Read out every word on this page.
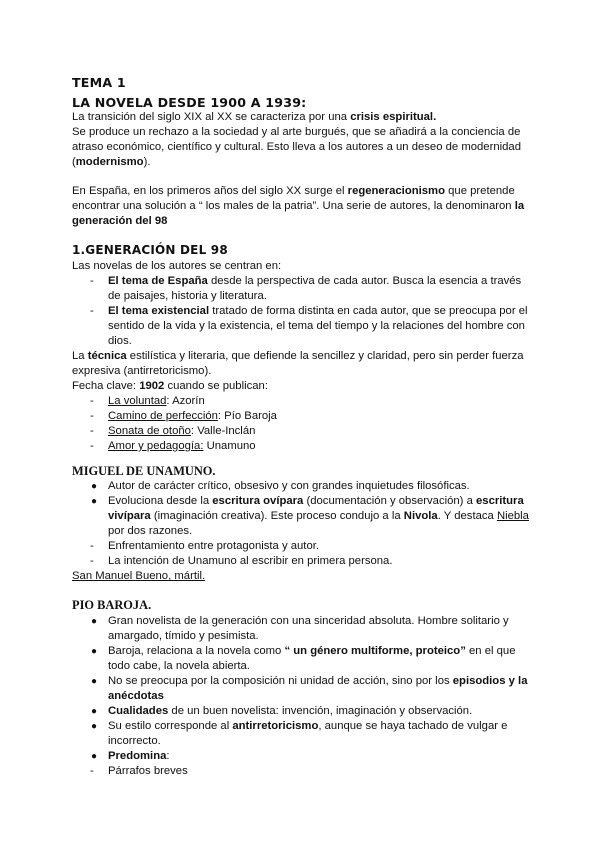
TEMA 1
LA NOVELA DESDE 1900 A 1939:
La transición del siglo XIX al XX se caracteriza por una crisis espiritual.
Se produce un rechazo a la sociedad y al arte burgués, que se añadirá a la conciencia de
atraso económico, científico y cultural. Esto lleva a los autores a un deseo de modernidad
(modernismo).
En España, en los primeros años del siglo XX surge el regeneracionismo que pretende
encontrar una solución a “ los males de la patria”. Una serie de autores, la denominaron la
generación del 98
1.GENERACIÓN DEL 98
Las novelas de los autores se centran en:
- El tema de España desde la perspectiva de cada autor. Busca la esencia a través
de paisajes, historia y literatura.
- El tema existencial tratado de forma distinta en cada autor, que se preocupa por el
sentido de la vida y la existencia, el tema del tiempo y la relaciones del hombre con
dios.
La técnica estilística y literaria, que defiende la sencillez y claridad, pero sin perder fuerza
expresiva (antirretoricismo).
Fecha clave: 1902 cuando se publican:
- La voluntad: Azorín
- Camino de perfección: Pío Baroja
- Sonata de otoño: Valle-Inclán
- Amor y pedagogía: Unamuno
MIGUEL DE UNAMUNO.
● Autor de carácter crítico, obsesivo y con grandes inquietudes filosóficas.
● Evoluciona desde la escritura ovípara (documentación y observación) a escritura
vivípara (imaginación creativa). Este proceso condujo a la Nivola. Y destaca Niebla
por dos razones.
- Enfrentamiento entre protagonista y autor.
- La intención de Unamuno al escribir en primera persona.
San Manuel Bueno, mártil.
PIO BAROJA.
● Gran novelista de la generación con una sinceridad absoluta. Hombre solitario y
amargado, tímido y pesimista.
● Baroja, relaciona a la novela como “ un género multiforme, proteico” en el que
todo cabe, la novela abierta.
● No se preocupa por la composición ni unidad de acción, sino por los episodios y la
anécdotas
● Cualidades de un buen novelista: invención, imaginación y observación.
● Su estilo corresponde al antirretoricismo, aunque se haya tachado de vulgar e
incorrecto.
● Predomina:
- Párrafos breves
